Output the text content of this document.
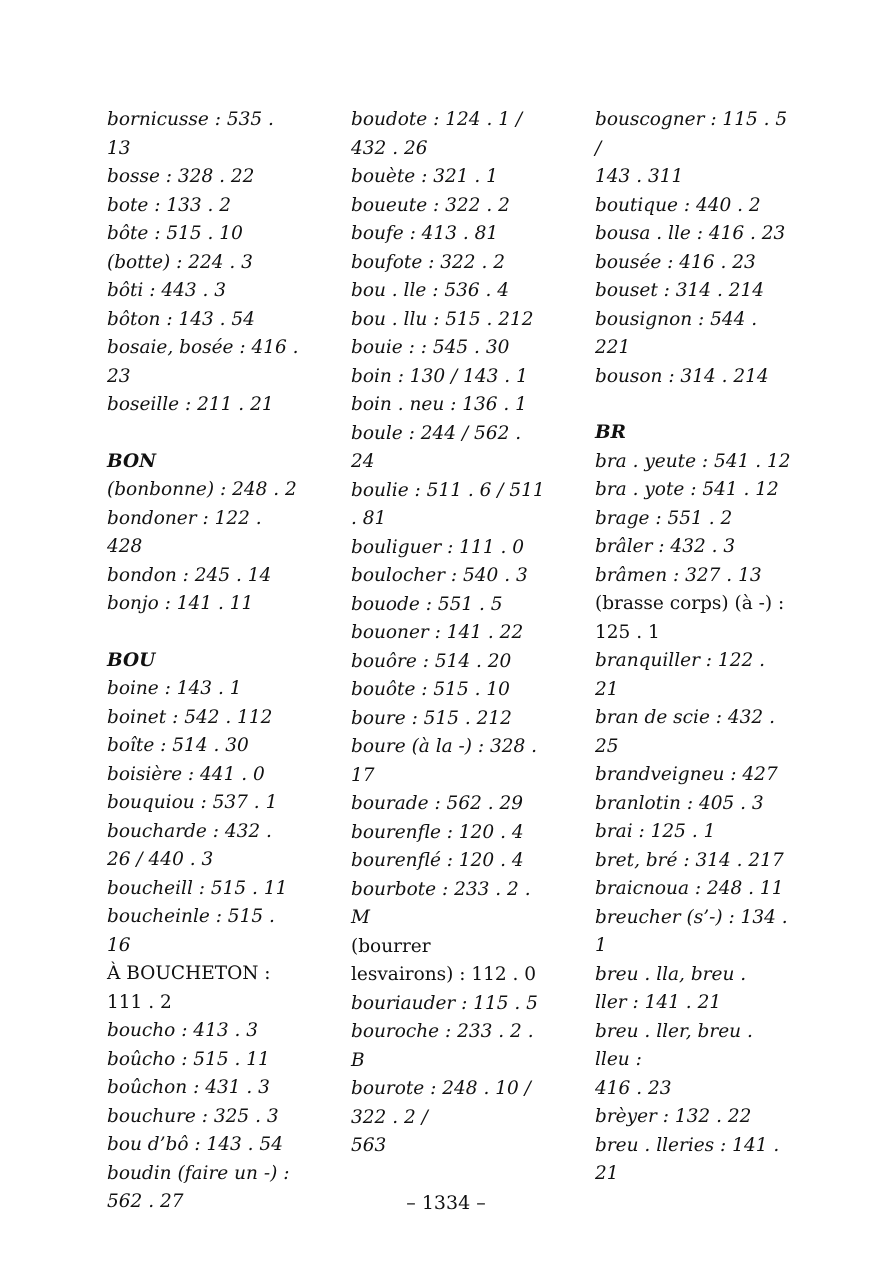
bornicusse : 535 . 13
bosse : 328 . 22
bote : 133 . 2
bôte : 515 . 10
(botte) : 224 . 3
bôti : 443 . 3
bôton : 143 . 54
bosaie, bosée : 416 .
23
boseille : 211 . 21
BON
(bonbonne) : 248 . 2
bondoner : 122 .
428
bondon : 245 . 14
bonjo : 141 . 11
BOU
boine : 143 . 1
boinet : 542 . 112
boîte : 514 . 30
boisière : 441 . 0
bouquiou : 537 . 1
boucharde : 432 .
26 / 440 . 3
boucheill : 515 . 11
boucheinle : 515 . 16
À BOUCHETON :
111 . 2
boucho : 413 . 3
boûcho : 515 . 11
boûchon : 431 . 3
bouchure : 325 . 3
bou d’bô : 143 . 54
boudin (faire un -) :
562 . 27
boudote : 124 . 1 /
432 . 26
bouète : 321 . 1
boueute : 322 . 2
boufe : 413 . 81
boufote : 322 . 2
bou . lle : 536 . 4
bou . llu : 515 . 212
bouie : : 545 . 30
boin : 130 / 143 . 1
boin . neu : 136 . 1
boule : 244 / 562 .
24
boulie : 511 . 6 / 511
. 81
bouliguer : 111 . 0
boulocher : 540 . 3
bouode : 551 . 5
bouoner : 141 . 22
bouôre : 514 . 20
bouôte : 515 . 10
boure : 515 . 212
boure (à la -) : 328 .
17
bourade : 562 . 29
bourenfle : 120 . 4
bourenflé : 120 . 4
bourbote : 233 . 2 .
M
(bourrer
lesvairons) : 112 . 0
bouriauder : 115 . 5
bouroche : 233 . 2 .
B
bourote : 248 . 10 /
322 . 2 /
563
bouscogner : 115 . 5
/
143 . 311
boutique : 440 . 2
bousa . lle : 416 . 23
bousée : 416 . 23
bouset : 314 . 214
bousignon : 544 .
221
bouson : 314 . 214
BR
bra . yeute : 541 . 12
bra . yote : 541 . 12
brage : 551 . 2
brâler : 432 . 3
brâmen : 327 . 13
(brasse corps) (à -) :
125 . 1
branquiller : 122 .
21
bran de scie : 432 .
25
brandveigneu : 427
branlotin : 405 . 3
brai : 125 . 1
bret, bré : 314 . 217
braicnoua : 248 . 11
breucher (s’-) : 134 .
1
breu . lla, breu .
ller : 141 . 21
breu . ller, breu .
lleu :
416 . 23
brèyer : 132 . 22
breu . lleries : 141 .
21
– 1334 –
